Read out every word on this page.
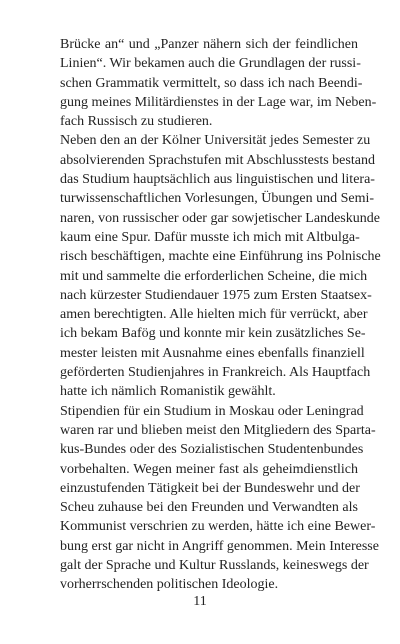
Brücke an“ und „Panzer nähern sich der feindlichen
Linien“. Wir bekamen auch die Grundlagen der russi-
schen Grammatik vermittelt, so dass ich nach Beendi-
gung meines Militärdienstes in der Lage war, im Neben-
fach Russisch zu studieren.
Neben den an der Kölner Universität jedes Semester zu
absolvierenden Sprachstufen mit Abschlusstests bestand
das Studium hauptsächlich aus linguistischen und litera-
turwissenschaftlichen Vorlesungen, Übungen und Semi-
naren, von russischer oder gar sowjetischer Landeskunde
kaum eine Spur. Dafür musste ich mich mit Altbulga-
risch beschäftigen, machte eine Einführung ins Polnische
mit und sammelte die erforderlichen Scheine, die mich
nach kürzester Studiendauer 1975 zum Ersten Staatsex-
amen berechtigten. Alle hielten mich für verrückt, aber
ich bekam Bafög und konnte mir kein zusätzliches Se-
mester leisten mit Ausnahme eines ebenfalls finanziell
geförderten Studienjahres in Frankreich. Als Hauptfach
hatte ich nämlich Romanistik gewählt.
Stipendien für ein Studium in Moskau oder Leningrad
waren rar und blieben meist den Mitgliedern des Sparta-
kus-Bundes oder des Sozialistischen Studentenbundes
vorbehalten. Wegen meiner fast als geheimdienstlich
einzustufenden Tätigkeit bei der Bundeswehr und der
Scheu zuhause bei den Freunden und Verwandten als
Kommunist verschrien zu werden, hätte ich eine Bewer-
bung erst gar nicht in Angriff genommen. Mein Interesse
galt der Sprache und Kultur Russlands, keineswegs der
vorherrschenden politischen Ideologie.
11
